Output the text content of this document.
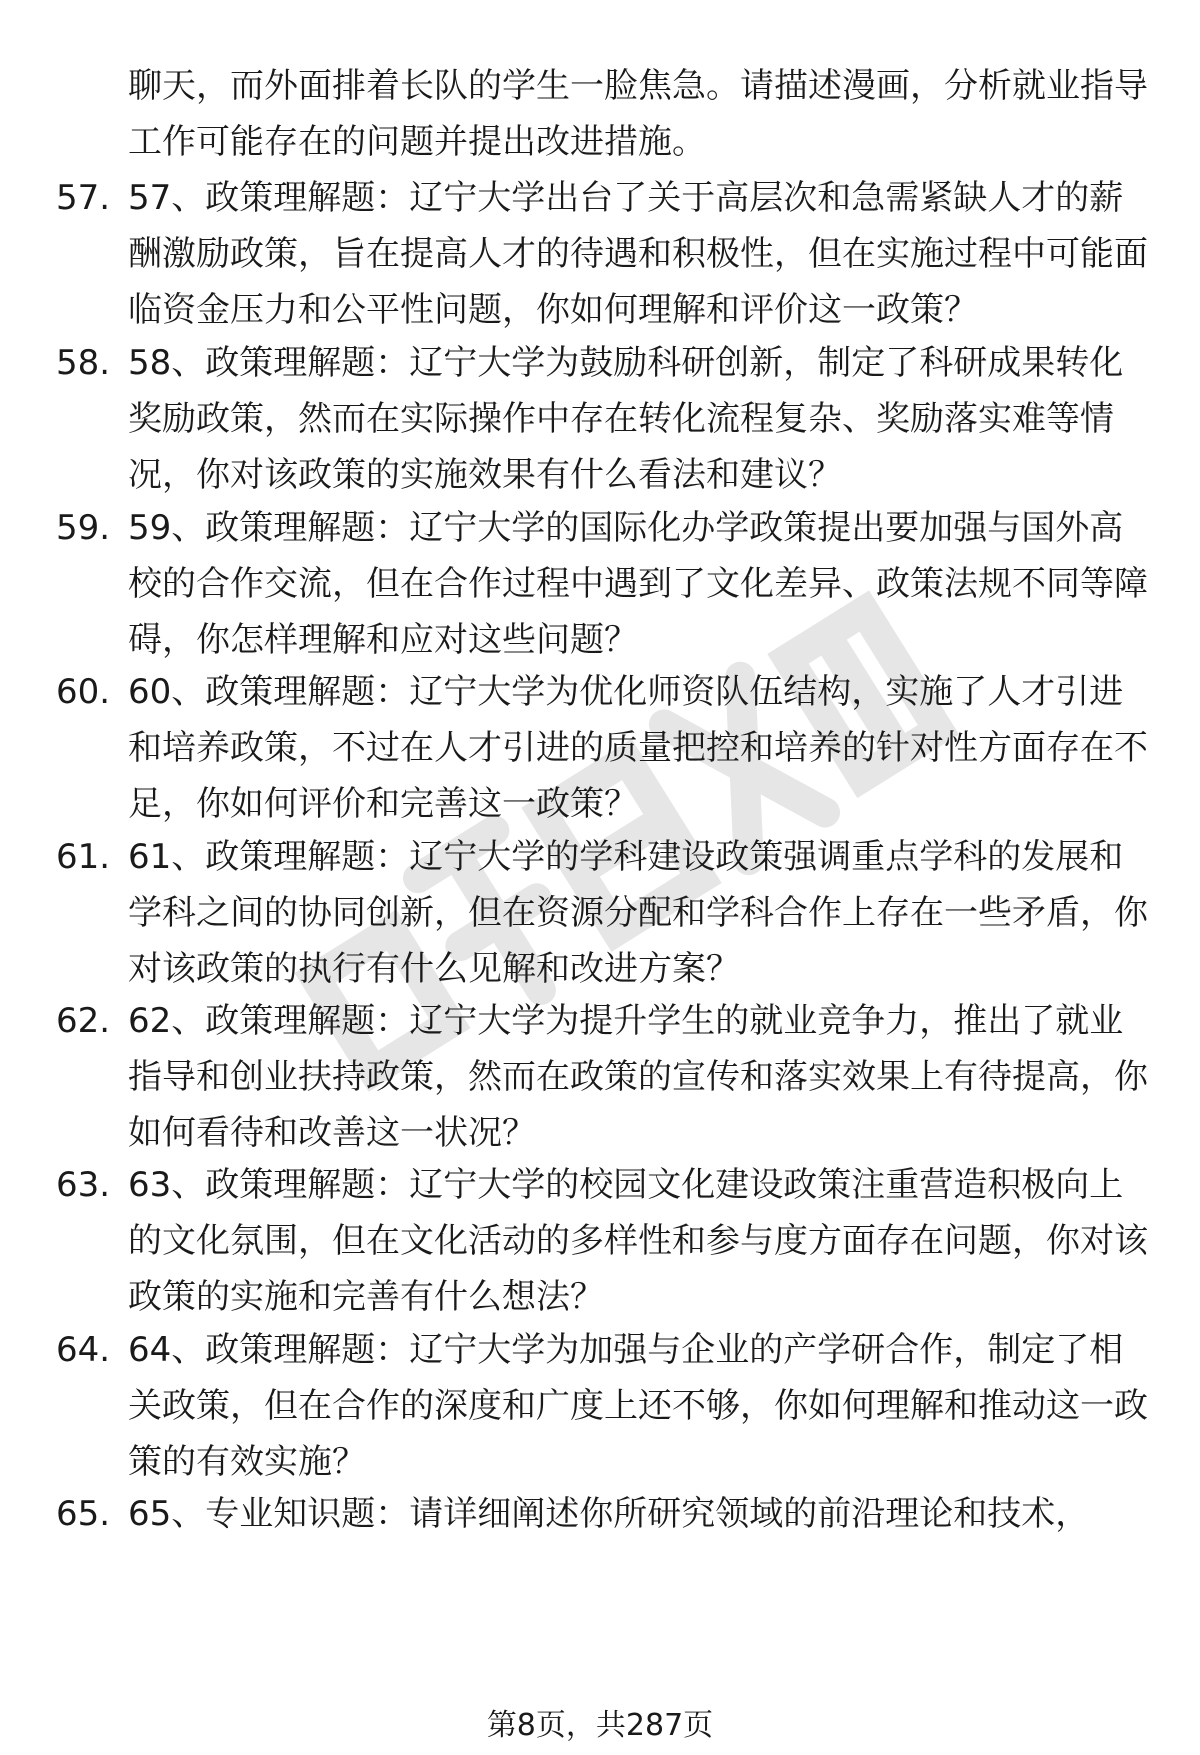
聊天，而外面排着长队的学生一脸焦急。请描述漫画，分析就业指导工作可能存在的问题并提出改进措施。

57. 57、政策理解题：辽宁大学出台了关于高层次和急需紧缺人才的薪酬激励政策，旨在提高人才的待遇和积极性，但在实施过程中可能面临资金压力和公平性问题，你如何理解和评价这一政策？

58. 58、政策理解题：辽宁大学为鼓励科研创新，制定了科研成果转化奖励政策，然而在实际操作中存在转化流程复杂、奖励落实难等情况，你对该政策的实施效果有什么看法和建议？

59. 59、政策理解题：辽宁大学的国际化办学政策提出要加强与国外高校的合作交流，但在合作过程中遇到了文化差异、政策法规不同等障碍，你怎样理解和应对这些问题？

60. 60、政策理解题：辽宁大学为优化师资队伍结构，实施了人才引进和培养政策，不过在人才引进的质量把控和培养的针对性方面存在不足，你如何评价和完善这一政策？

61. 61、政策理解题：辽宁大学的学科建设政策强调重点学科的发展和学科之间的协同创新，但在资源分配和学科合作上存在一些矛盾，你对该政策的执行有什么见解和改进方案？

62. 62、政策理解题：辽宁大学为提升学生的就业竞争力，推出了就业指导和创业扶持政策，然而在政策的宣传和落实效果上有待提高，你如何看待和改善这一状况？

63. 63、政策理解题：辽宁大学的校园文化建设政策注重营造积极向上的文化氛围，但在文化活动的多样性和参与度方面存在问题，你对该政策的实施和完善有什么想法？

64. 64、政策理解题：辽宁大学为加强与企业的产学研合作，制定了相关政策，但在合作的深度和广度上还不够，你如何理解和推动这一政策的有效实施？

65. 65、专业知识题：请详细阐述你所研究领域的前沿理论和技术，

第8页，共287页
